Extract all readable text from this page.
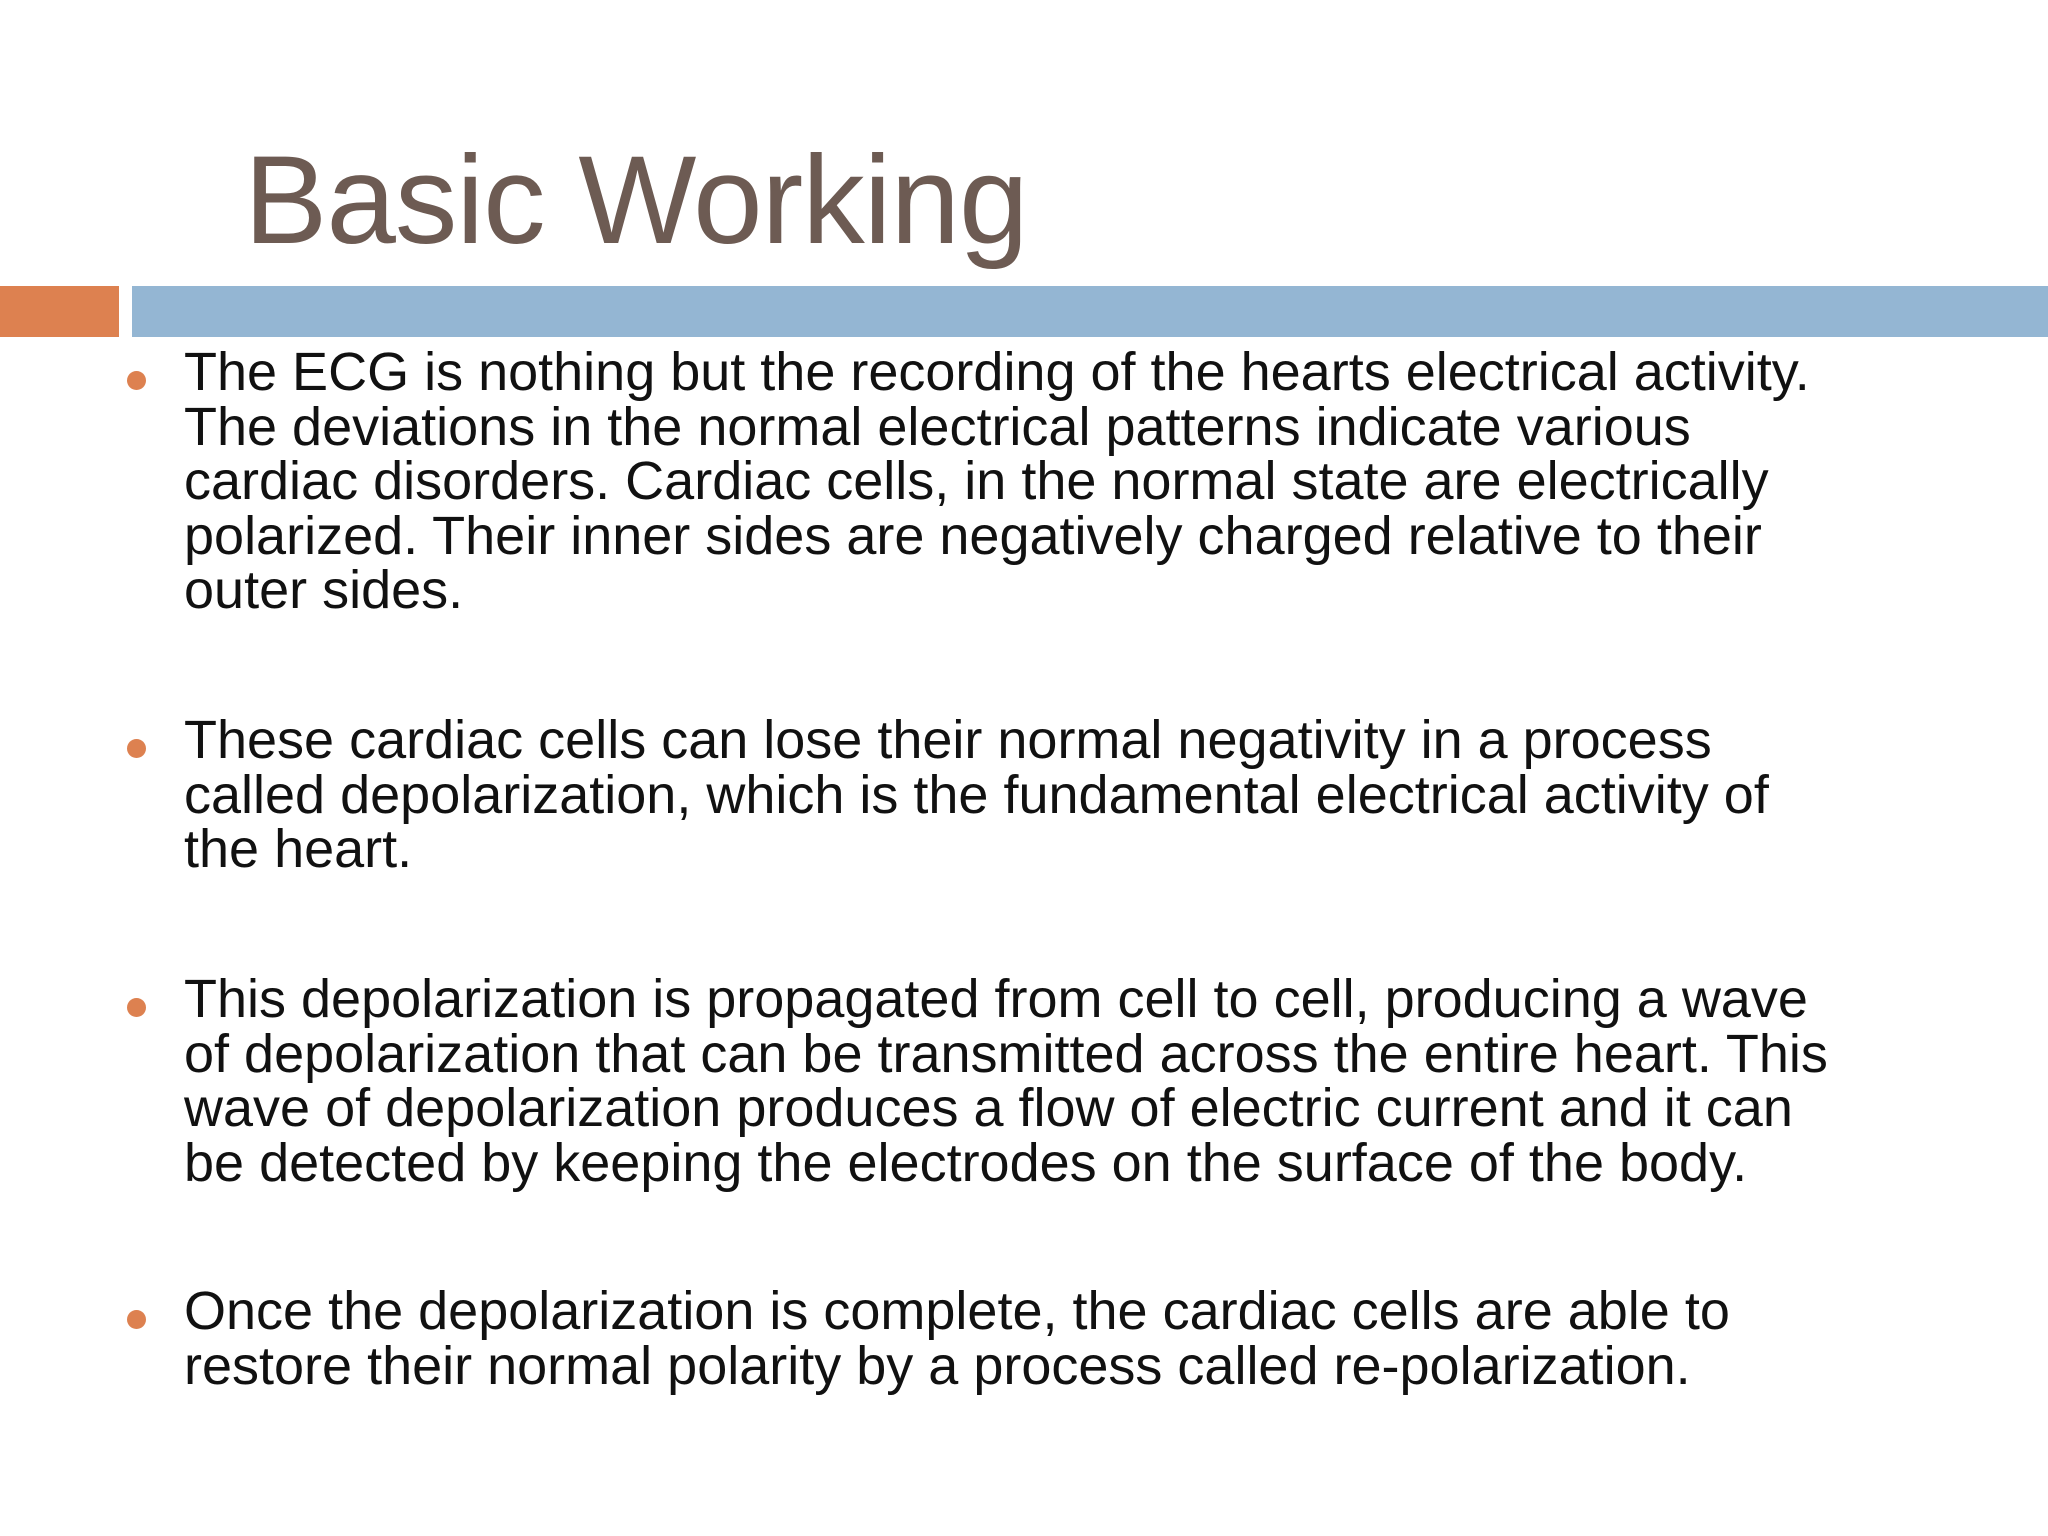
Basic Working

The ECG is nothing but the recording of the hearts electrical activity.
The deviations in the normal electrical patterns indicate various
cardiac disorders. Cardiac cells, in the normal state are electrically
polarized. Their inner sides are negatively charged relative to their
outer sides.

These cardiac cells can lose their normal negativity in a process
called depolarization, which is the fundamental electrical activity of
the heart.

This depolarization is propagated from cell to cell, producing a wave
of depolarization that can be transmitted across the entire heart. This
wave of depolarization produces a flow of electric current and it can
be detected by keeping the electrodes on the surface of the body.

Once the depolarization is complete, the cardiac cells are able to
restore their normal polarity by a process called re-polarization.
